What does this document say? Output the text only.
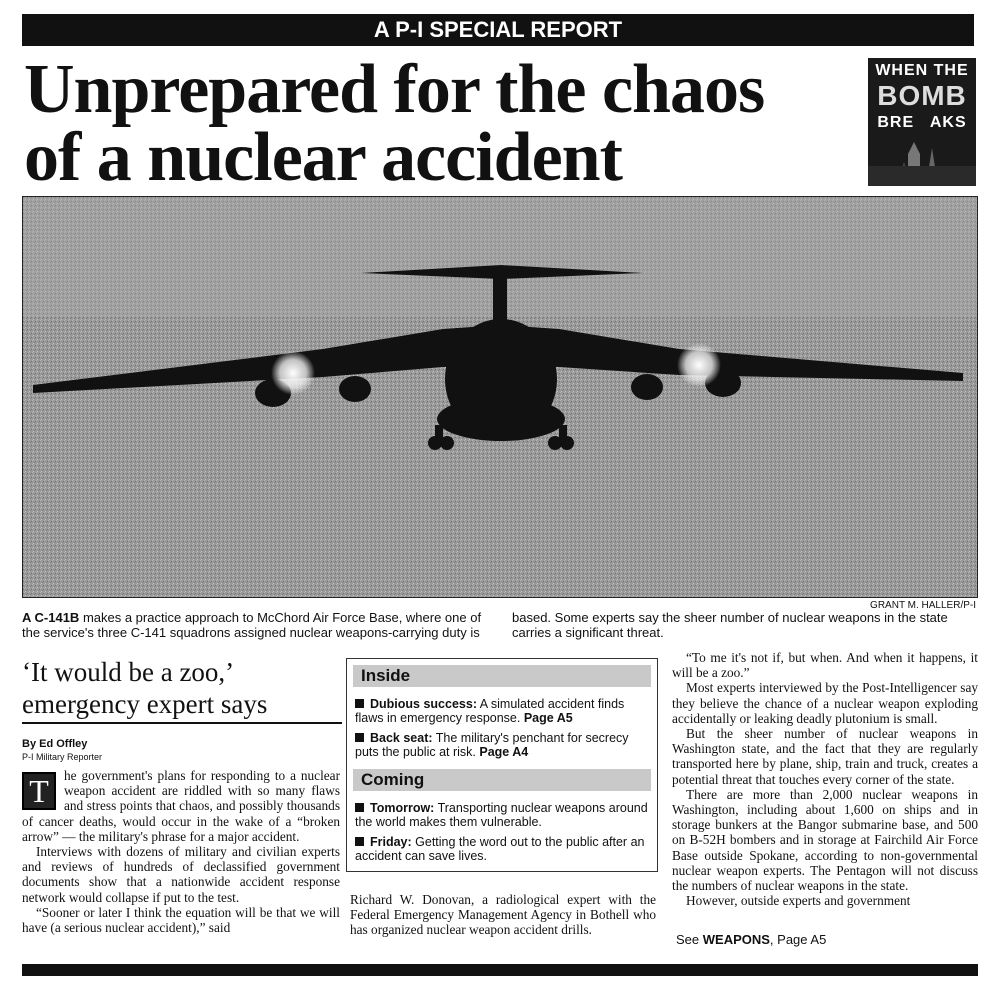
A P-I SPECIAL REPORT
Unprepared for the chaos
of a nuclear accident
WHEN THE
BOMB
BRE   AKS
GRANT M. HALLER/P-I
A C-141B makes a practice approach to McChord Air Force Base, where one of the service's three C-141 squadrons assigned nuclear weapons-carrying duty is
based. Some experts say the sheer number of nuclear weapons in the state carries a significant threat.
‘It would be a zoo,’ emergency expert says
By Ed Offley
P-I Military Reporter

T	he government's plans for responding to a nuclear weapon accident are riddled with so many flaws and stress points that chaos, and possibly thousands of cancer deaths, would occur in the wake of a “broken arrow” — the military's phrase for a major accident.

Interviews with dozens of military and civilian experts and reviews of hundreds of declassified government documents show that a nationwide accident response network would collapse if put to the test.

“Sooner or later I think the equation will be that we will have (a serious nuclear accident),” said

Inside
Dubious success: A simulated accident finds flaws in emergency response. Page A5
Back seat: The military's penchant for secrecy puts the public at risk. Page A4
Coming
Tomorrow: Transporting nuclear weapons around the world makes them vulnerable.
Friday: Getting the word out to the public after an accident can save lives.

Richard W. Donovan, a radiological expert with the Federal Emergency Management Agency in Bothell who has organized nuclear weapon accident drills.

“To me it's not if, but when. And when it happens, it will be a zoo.”

Most experts interviewed by the Post-Intelligencer say they believe the chance of a nuclear weapon exploding accidentally or leaking deadly plutonium is small.

But the sheer number of nuclear weapons in Washington state, and the fact that they are regularly transported here by plane, ship, train and truck, creates a potential threat that touches every corner of the state.

There are more than 2,000 nuclear weapons in Washington, including about 1,600 on ships and in storage bunkers at the Bangor submarine base, and 500 on B-52H bombers and in storage at Fairchild Air Force Base outside Spokane, according to non-governmental nuclear weapon experts. The Pentagon will not discuss the numbers of nuclear weapons in the state.

However, outside experts and government

See WEAPONS, Page A5
